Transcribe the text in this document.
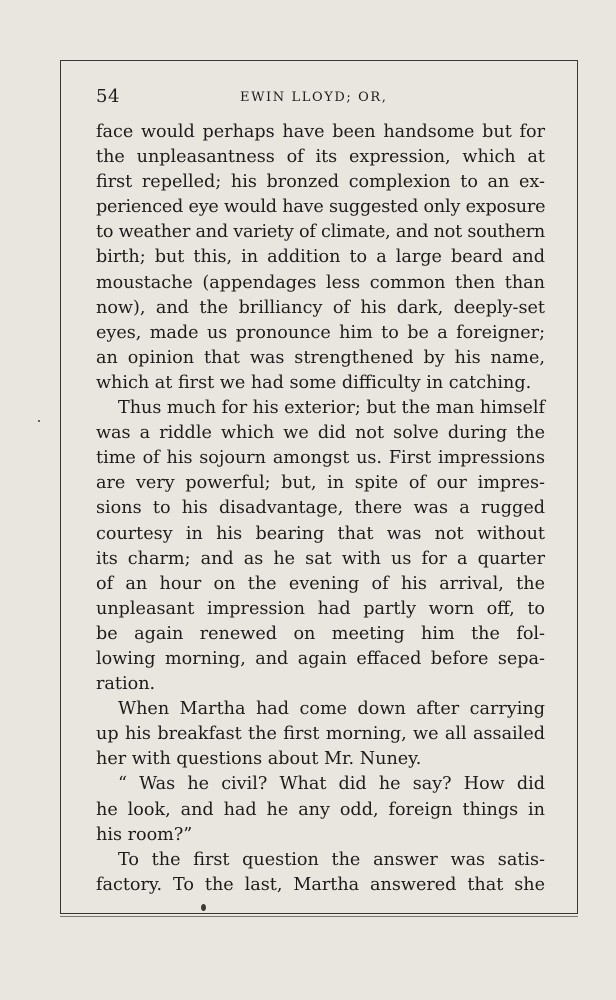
54	EWIN LLOYD; OR,

face would perhaps have been handsome but for

the unpleasantness of its expression, which at

first repelled; his bronzed complexion to an ex-

perienced eye would have suggested only exposure

to weather and variety of climate, and not southern

birth; but this, in addition to a large beard and

moustache (appendages less common then than

now), and the brilliancy of his dark, deeply-set

eyes, made us pronounce him to be a foreigner;

an opinion that was strengthened by his name,

which at first we had some difficulty in catching.

Thus much for his exterior; but the man himself

was a riddle which we did not solve during the

time of his sojourn amongst us. First impressions

are very powerful; but, in spite of our impres-

sions to his disadvantage, there was a rugged

courtesy in his bearing that was not without

its charm; and as he sat with us for a quarter

of an hour on the evening of his arrival, the

unpleasant impression had partly worn off, to

be again renewed on meeting him the fol-

lowing morning, and again effaced before sepa-

ration.

When Martha had come down after carrying

up his breakfast the first morning, we all assailed

her with questions about Mr. Nuney.

“ Was he civil? What did he say? How did

he look, and had he any odd, foreign things in

his room?”

To the first question the answer was satis-

factory. To the last, Martha answered that she
